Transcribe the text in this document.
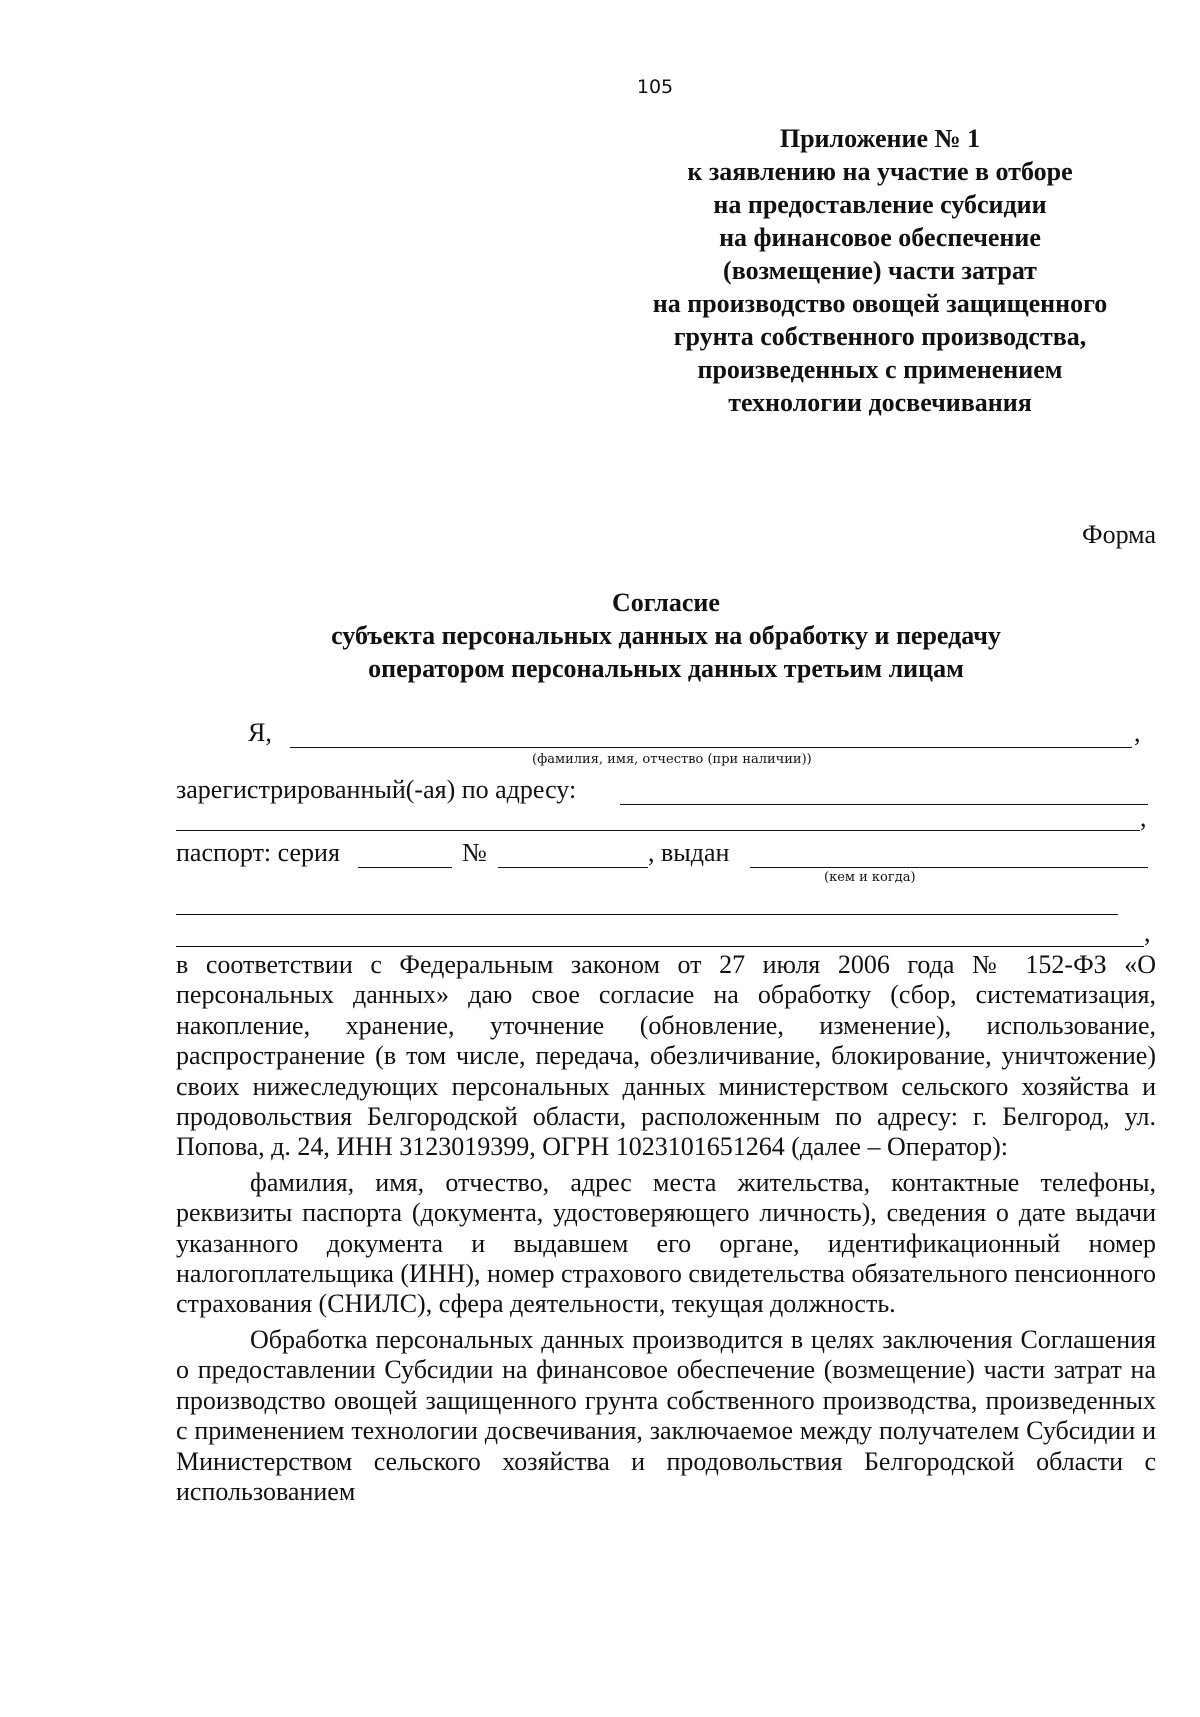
105
Приложение № 1
к заявлению на участие в отборе
на предоставление субсидии
на финансовое обеспечение
(возмещение) части затрат
на производство овощей защищенного
грунта собственного производства,
произведенных с применением
технологии досвечивания
Форма
Согласие
субъекта персональных данных на обработку и передачу
оператором персональных данных третьим лицам
Я,	,
(фамилия, имя, отчество (при наличии))
зарегистрированный(-ая) по адресу:
,
паспорт: серия	№	, выдан
(кем и когда)
,

в соответствии с Федеральным законом от 27 июля 2006 года № 152-ФЗ «О персональных данных» даю свое согласие на обработку (сбор, систематизация, накопление, хранение, уточнение (обновление, изменение), использование, распространение (в том числе, передача, обезличивание, блокирование, уничтожение) своих нижеследующих персональных данных министерством сельского хозяйства и продовольствия Белгородской области, расположенным по адресу: г. Белгород, ул. Попова, д. 24, ИНН 3123019399, ОГРН 1023101651264 (далее – Оператор):

фамилия, имя, отчество, адрес места жительства, контактные телефоны, реквизиты паспорта (документа, удостоверяющего личность), сведения о дате выдачи указанного документа и выдавшем его органе, идентификационный номер налогоплательщика (ИНН), номер страхового свидетельства обязательного пенсионного страхования (СНИЛС), сфера деятельности, текущая должность.

Обработка персональных данных производится в целях заключения Соглашения о предоставлении Субсидии на финансовое обеспечение (возмещение) части затрат на производство овощей защищенного грунта собственного производства, произведенных с применением технологии досвечивания, заключаемое между получателем Субсидии и Министерством сельского хозяйства и продовольствия Белгородской области с использованием
